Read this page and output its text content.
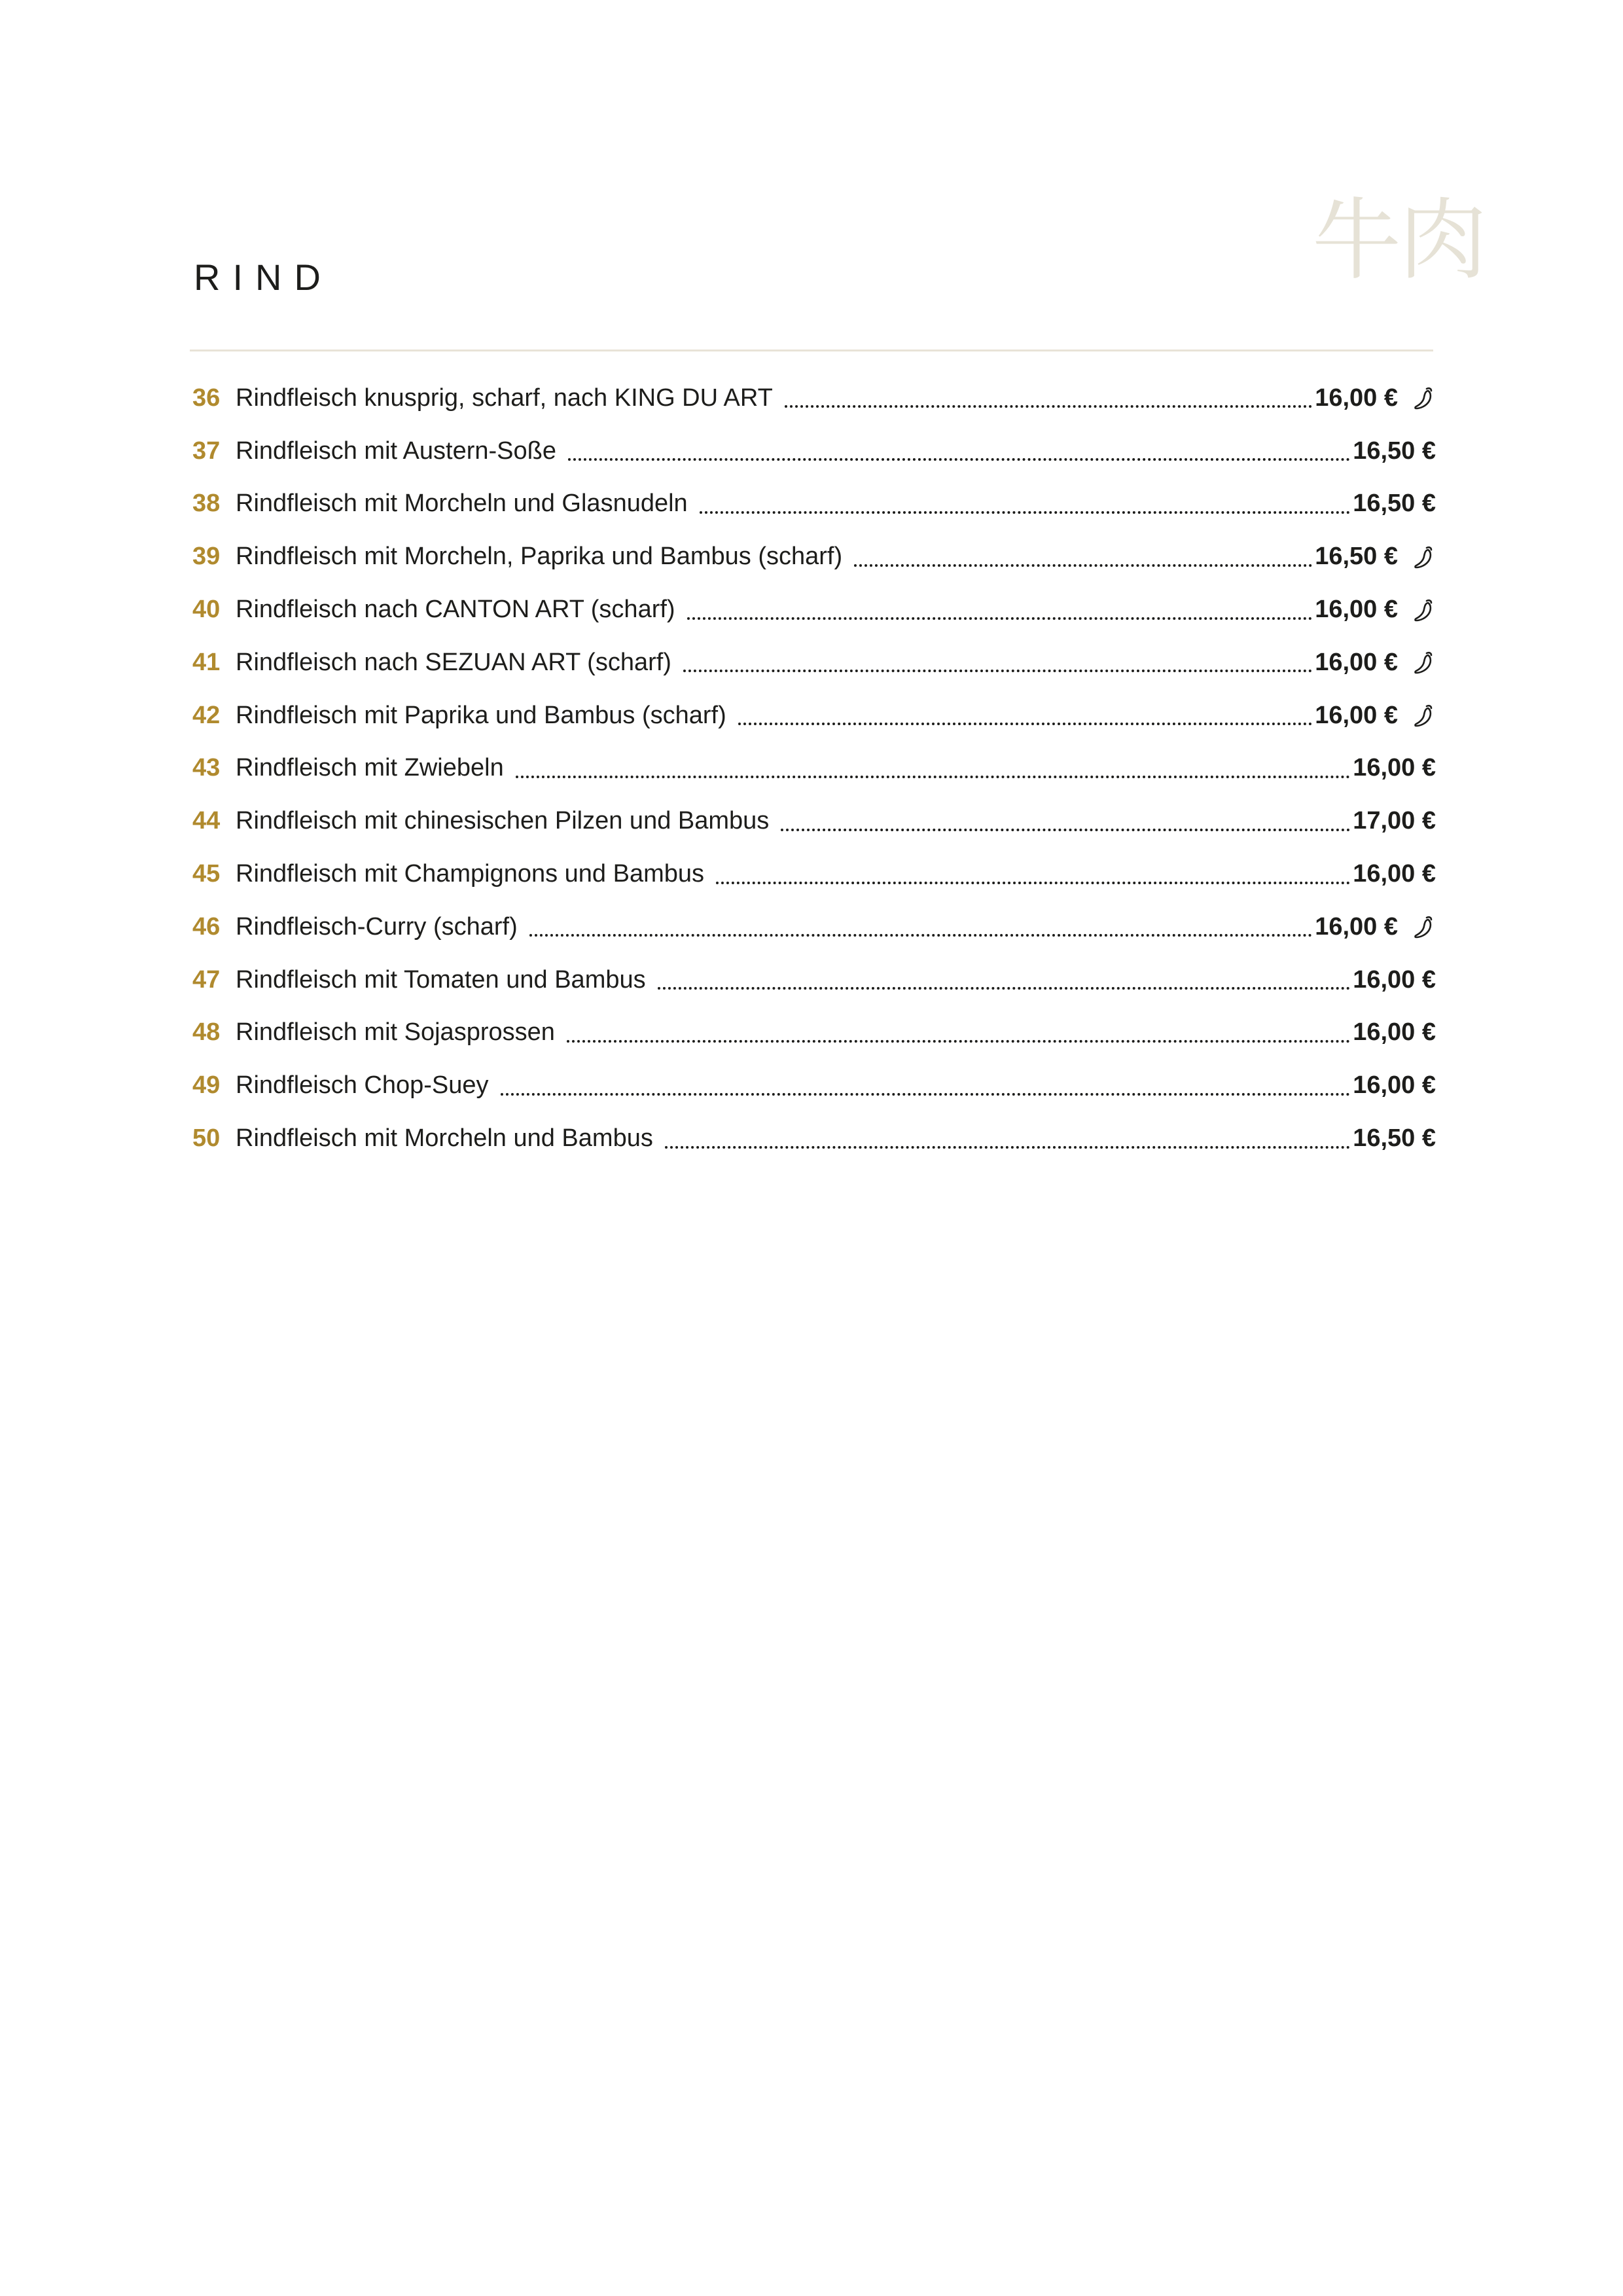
牛肉
RIND
36 Rindfleisch knusprig, scharf, nach KING DU ART	16,00 €
37 Rindfleisch mit Austern-Soße	16,50 €
38 Rindfleisch mit Morcheln und Glasnudeln	16,50 €
39 Rindfleisch mit Morcheln, Paprika und Bambus (scharf)	16,50 €
40 Rindfleisch nach CANTON ART (scharf)	16,00 €
41 Rindfleisch nach SEZUAN ART (scharf)	16,00 €
42 Rindfleisch mit Paprika und Bambus (scharf)	16,00 €
43 Rindfleisch mit Zwiebeln	16,00 €
44 Rindfleisch mit chinesischen Pilzen und Bambus	17,00 €
45 Rindfleisch mit Champignons und Bambus	16,00 €
46 Rindfleisch-Curry (scharf)	16,00 €
47 Rindfleisch mit Tomaten und Bambus	16,00 €
48 Rindfleisch mit Sojasprossen	16,00 €
49 Rindfleisch Chop-Suey	16,00 €
50 Rindfleisch mit Morcheln und Bambus	16,50 €
